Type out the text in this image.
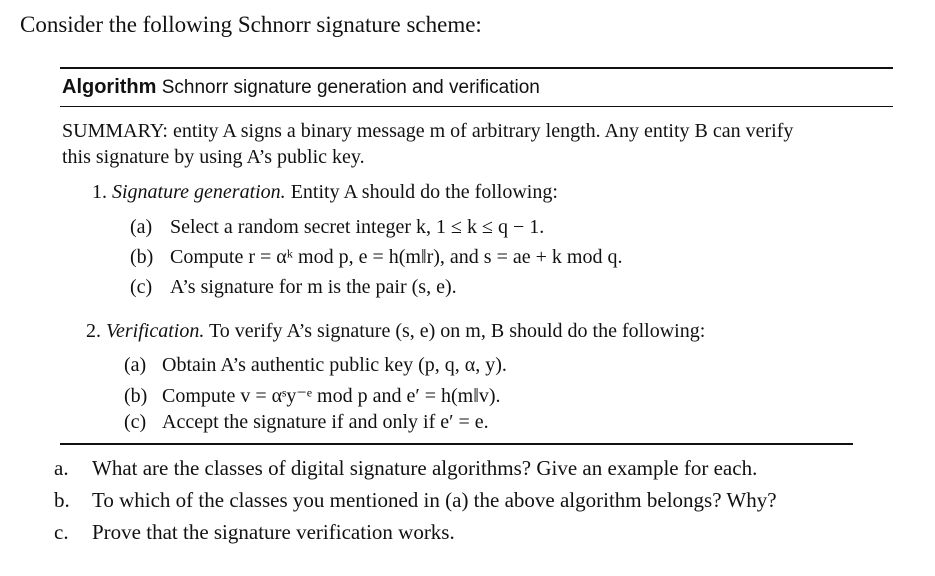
Consider the following Schnorr signature scheme:
Algorithm Schnorr signature generation and verification
SUMMARY: entity A signs a binary message m of arbitrary length. Any entity B can verify
this signature by using A’s public key.
1. Signature generation. Entity A should do the following:
(a) Select a random secret integer k, 1 ≤ k ≤ q − 1.
(b) Compute r = αᵏ mod p, e = h(m‖r), and s = ae + k mod q.
(c) A’s signature for m is the pair (s, e).
2. Verification. To verify A’s signature (s, e) on m, B should do the following:
(a) Obtain A’s authentic public key (p, q, α, y).
(b) Compute v = αˢy⁻ᵉ mod p and e′ = h(m‖v).
(c) Accept the signature if and only if e′ = e.
a. What are the classes of digital signature algorithms? Give an example for each.
b. To which of the classes you mentioned in (a) the above algorithm belongs? Why?
c. Prove that the signature verification works.
